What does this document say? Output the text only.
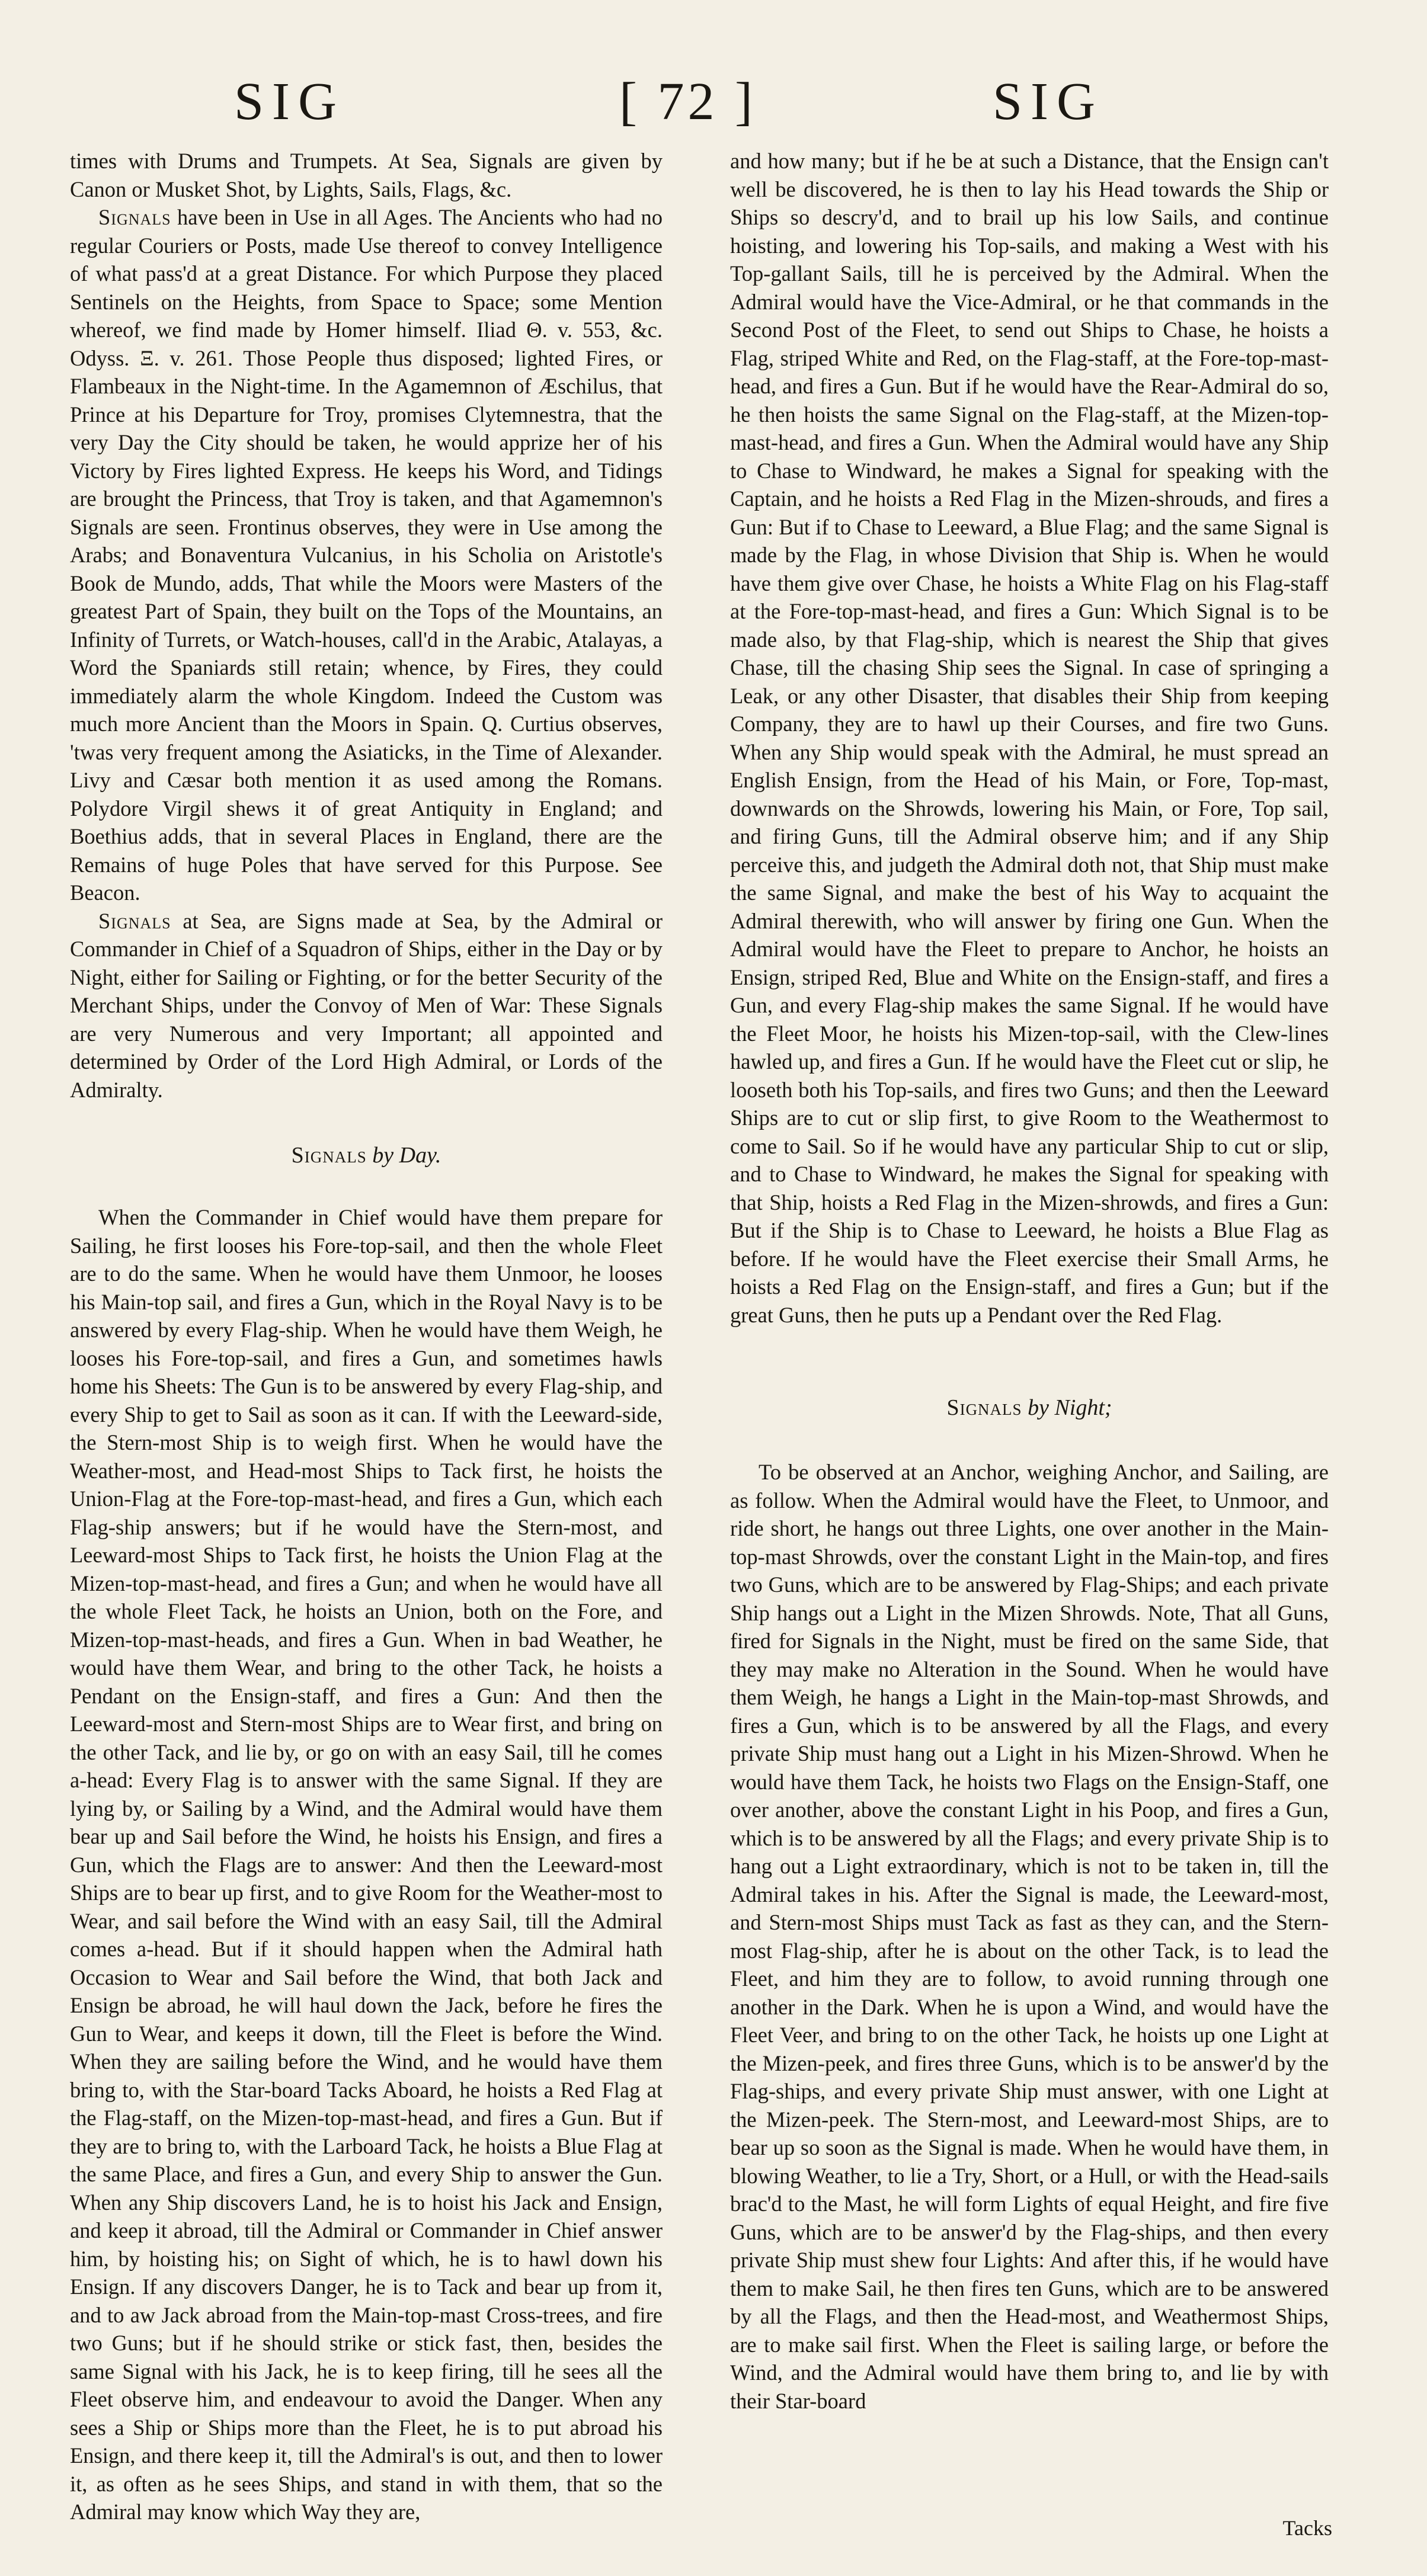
SIG	[ 72 ]	SIG

times with Drums and Trumpets. At Sea, Signals are given by Canon or Musket Shot, by Lights, Sails, Flags, &c.

Signals have been in Use in all Ages. The Ancients who had no regular Couriers or Posts, made Use thereof to convey Intelligence of what pass'd at a great Distance. For which Purpose they placed Sentinels on the Heights, from Space to Space; some Mention whereof, we find made by Homer himself. Iliad Θ. v. 553, &c. Odyss. Ξ. v. 261. Those People thus disposed; lighted Fires, or Flambeaux in the Night-time. In the Agamemnon of Æschilus, that Prince at his Departure for Troy, promises Clytemnestra, that the very Day the City should be taken, he would apprize her of his Victory by Fires lighted Express. He keeps his Word, and Tidings are brought the Princess, that Troy is taken, and that Agamemnon's Signals are seen. Frontinus observes, they were in Use among the Arabs; and Bonaventura Vulcanius, in his Scholia on Aristotle's Book de Mundo, adds, That while the Moors were Masters of the greatest Part of Spain, they built on the Tops of the Mountains, an Infinity of Turrets, or Watch-houses, call'd in the Arabic, Atalayas, a Word the Spaniards still retain; whence, by Fires, they could immediately alarm the whole Kingdom. Indeed the Custom was much more Ancient than the Moors in Spain. Q. Curtius observes, 'twas very frequent among the Asiaticks, in the Time of Alexander. Livy and Cæsar both mention it as used among the Romans. Polydore Virgil shews it of great Antiquity in England; and Boethius adds, that in several Places in England, there are the Remains of huge Poles that have served for this Purpose. See Beacon.

Signals at Sea, are Signs made at Sea, by the Admiral or Commander in Chief of a Squadron of Ships, either in the Day or by Night, either for Sailing or Fighting, or for the better Security of the Merchant Ships, under the Convoy of Men of War: These Signals are very Numerous and very Important; all appointed and determined by Order of the Lord High Admiral, or Lords of the Admiralty.

Signals by Day.

When the Commander in Chief would have them prepare for Sailing, he first looses his Fore-top-sail, and then the whole Fleet are to do the same. When he would have them Unmoor, he looses his Main-top sail, and fires a Gun, which in the Royal Navy is to be answered by every Flag-ship. When he would have them Weigh, he looses his Fore-top-sail, and fires a Gun, and sometimes hawls home his Sheets: The Gun is to be answered by every Flag-ship, and every Ship to get to Sail as soon as it can. If with the Leeward-side, the Stern-most Ship is to weigh first. When he would have the Weather-most, and Head-most Ships to Tack first, he hoists the Union-Flag at the Fore-top-mast-head, and fires a Gun, which each Flag-ship answers; but if he would have the Stern-most, and Leeward-most Ships to Tack first, he hoists the Union Flag at the Mizen-top-mast-head, and fires a Gun; and when he would have all the whole Fleet Tack, he hoists an Union, both on the Fore, and Mizen-top-mast-heads, and fires a Gun. When in bad Weather, he would have them Wear, and bring to the other Tack, he hoists a Pendant on the Ensign-staff, and fires a Gun: And then the Leeward-most and Stern-most Ships are to Wear first, and bring on the other Tack, and lie by, or go on with an easy Sail, till he comes a-head: Every Flag is to answer with the same Signal. If they are lying by, or Sailing by a Wind, and the Admiral would have them bear up and Sail before the Wind, he hoists his Ensign, and fires a Gun, which the Flags are to answer: And then the Leeward-most Ships are to bear up first, and to give Room for the Weather-most to Wear, and sail before the Wind with an easy Sail, till the Admiral comes a-head. But if it should happen when the Admiral hath Occasion to Wear and Sail before the Wind, that both Jack and Ensign be abroad, he will haul down the Jack, before he fires the Gun to Wear, and keeps it down, till the Fleet is before the Wind. When they are sailing before the Wind, and he would have them bring to, with the Star-board Tacks Aboard, he hoists a Red Flag at the Flag-staff, on the Mizen-top-mast-head, and fires a Gun. But if they are to bring to, with the Larboard Tack, he hoists a Blue Flag at the same Place, and fires a Gun, and every Ship to answer the Gun. When any Ship discovers Land, he is to hoist his Jack and Ensign, and keep it abroad, till the Admiral or Commander in Chief answer him, by hoisting his; on Sight of which, he is to hawl down his Ensign. If any discovers Danger, he is to Tack and bear up from it, and to aw Jack abroad from the Main-top-mast Cross-trees, and fire two Guns; but if he should strike or stick fast, then, besides the same Signal with his Jack, he is to keep firing, till he sees all the Fleet observe him, and endeavour to avoid the Danger. When any sees a Ship or Ships more than the Fleet, he is to put abroad his Ensign, and there keep it, till the Admiral's is out, and then to lower it, as often as he sees Ships, and stand in with them, that so the Admiral may know which Way they are,

and how many; but if he be at such a Distance, that the Ensign can't well be discovered, he is then to lay his Head towards the Ship or Ships so descry'd, and to brail up his low Sails, and continue hoisting, and lowering his Top-sails, and making a West with his Top-gallant Sails, till he is perceived by the Admiral. When the Admiral would have the Vice-Admiral, or he that commands in the Second Post of the Fleet, to send out Ships to Chase, he hoists a Flag, striped White and Red, on the Flag-staff, at the Fore-top-mast-head, and fires a Gun. But if he would have the Rear-Admiral do so, he then hoists the same Signal on the Flag-staff, at the Mizen-top-mast-head, and fires a Gun. When the Admiral would have any Ship to Chase to Windward, he makes a Signal for speaking with the Captain, and he hoists a Red Flag in the Mizen-shrouds, and fires a Gun: But if to Chase to Leeward, a Blue Flag; and the same Signal is made by the Flag, in whose Division that Ship is. When he would have them give over Chase, he hoists a White Flag on his Flag-staff at the Fore-top-mast-head, and fires a Gun: Which Signal is to be made also, by that Flag-ship, which is nearest the Ship that gives Chase, till the chasing Ship sees the Signal. In case of springing a Leak, or any other Disaster, that disables their Ship from keeping Company, they are to hawl up their Courses, and fire two Guns. When any Ship would speak with the Admiral, he must spread an English Ensign, from the Head of his Main, or Fore, Top-mast, downwards on the Shrowds, lowering his Main, or Fore, Top sail, and firing Guns, till the Admiral observe him; and if any Ship perceive this, and judgeth the Admiral doth not, that Ship must make the same Signal, and make the best of his Way to acquaint the Admiral therewith, who will answer by firing one Gun. When the Admiral would have the Fleet to prepare to Anchor, he hoists an Ensign, striped Red, Blue and White on the Ensign-staff, and fires a Gun, and every Flag-ship makes the same Signal. If he would have the Fleet Moor, he hoists his Mizen-top-sail, with the Clew-lines hawled up, and fires a Gun. If he would have the Fleet cut or slip, he looseth both his Top-sails, and fires two Guns; and then the Leeward Ships are to cut or slip first, to give Room to the Weathermost to come to Sail. So if he would have any particular Ship to cut or slip, and to Chase to Windward, he makes the Signal for speaking with that Ship, hoists a Red Flag in the Mizen-shrowds, and fires a Gun: But if the Ship is to Chase to Leeward, he hoists a Blue Flag as before. If he would have the Fleet exercise their Small Arms, he hoists a Red Flag on the Ensign-staff, and fires a Gun; but if the great Guns, then he puts up a Pendant over the Red Flag.

Signals by Night;

To be observed at an Anchor, weighing Anchor, and Sailing, are as follow. When the Admiral would have the Fleet, to Unmoor, and ride short, he hangs out three Lights, one over another in the Main-top-mast Shrowds, over the constant Light in the Main-top, and fires two Guns, which are to be answered by Flag-Ships; and each private Ship hangs out a Light in the Mizen Shrowds. Note, That all Guns, fired for Signals in the Night, must be fired on the same Side, that they may make no Alteration in the Sound. When he would have them Weigh, he hangs a Light in the Main-top-mast Shrowds, and fires a Gun, which is to be answered by all the Flags, and every private Ship must hang out a Light in his Mizen-Shrowd. When he would have them Tack, he hoists two Flags on the Ensign-Staff, one over another, above the constant Light in his Poop, and fires a Gun, which is to be answered by all the Flags; and every private Ship is to hang out a Light extraordinary, which is not to be taken in, till the Admiral takes in his. After the Signal is made, the Leeward-most, and Stern-most Ships must Tack as fast as they can, and the Stern-most Flag-ship, after he is about on the other Tack, is to lead the Fleet, and him they are to follow, to avoid running through one another in the Dark. When he is upon a Wind, and would have the Fleet Veer, and bring to on the other Tack, he hoists up one Light at the Mizen-peek, and fires three Guns, which is to be answer'd by the Flag-ships, and every private Ship must answer, with one Light at the Mizen-peek. The Stern-most, and Leeward-most Ships, are to bear up so soon as the Signal is made. When he would have them, in blowing Weather, to lie a Try, Short, or a Hull, or with the Head-sails brac'd to the Mast, he will form Lights of equal Height, and fire five Guns, which are to be answer'd by the Flag-ships, and then every private Ship must shew four Lights: And after this, if he would have them to make Sail, he then fires ten Guns, which are to be answered by all the Flags, and then the Head-most, and Weathermost Ships, are to make sail first. When the Fleet is sailing large, or before the Wind, and the Admiral would have them bring to, and lie by with their Star-board

Tacks
